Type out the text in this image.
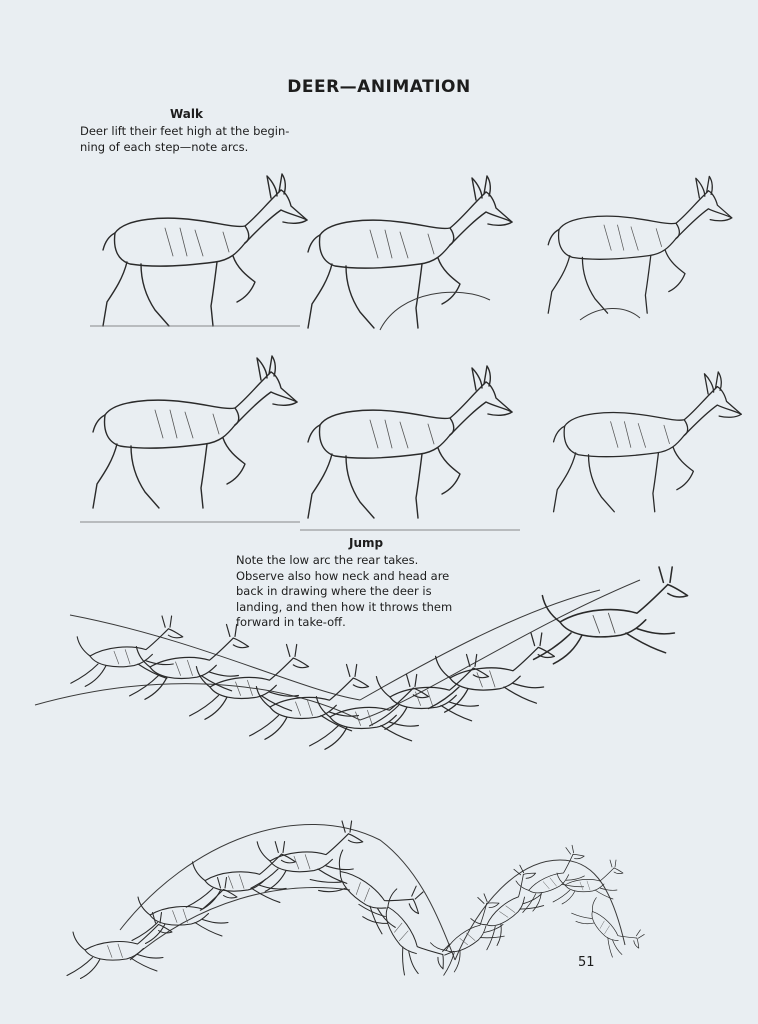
DEER—ANIMATION
Walk
Deer lift their feet high at the begin- ning of each step—note arcs.
Jump
Note the low arc the rear takes. Observe also how neck and head are back in drawing where the deer is landing, and then how it throws them forward in take-off.
51
